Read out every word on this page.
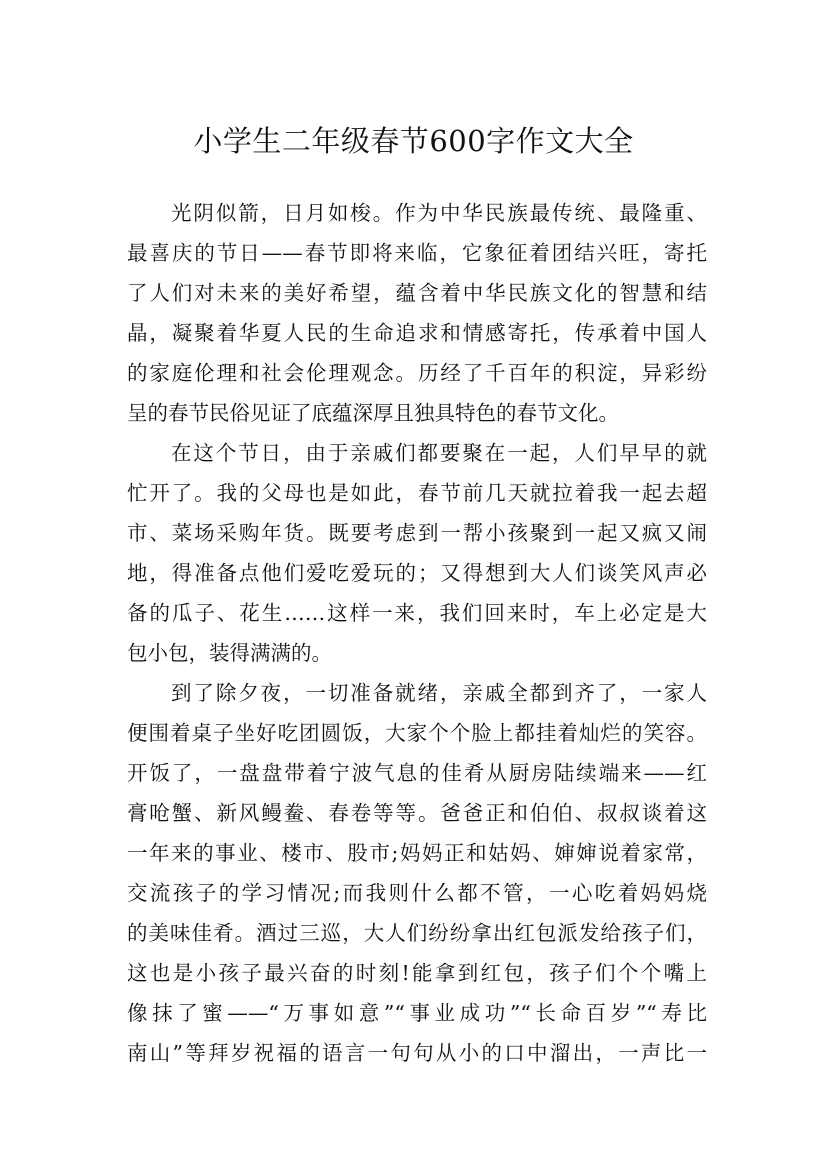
小学生二年级春节600字作文大全
光阴似箭，日月如梭。作为中华民族最传统、最隆重、
最喜庆的节日——春节即将来临，它象征着团结兴旺，寄托
了人们对未来的美好希望，蕴含着中华民族文化的智慧和结
晶，凝聚着华夏人民的生命追求和情感寄托，传承着中国人
的家庭伦理和社会伦理观念。历经了千百年的积淀，异彩纷
呈的春节民俗见证了底蕴深厚且独具特色的春节文化。
在这个节日，由于亲戚们都要聚在一起，人们早早的就
忙开了。我的父母也是如此，春节前几天就拉着我一起去超
市、菜场采购年货。既要考虑到一帮小孩聚到一起又疯又闹
地，得准备点他们爱吃爱玩的；又得想到大人们谈笑风声必
备的瓜子、花生……这样一来，我们回来时，车上必定是大
包小包，装得满满的。
到了除夕夜，一切准备就绪，亲戚全都到齐了，一家人
便围着桌子坐好吃团圆饭，大家个个脸上都挂着灿烂的笑容。
开饭了，一盘盘带着宁波气息的佳肴从厨房陆续端来——红
膏呛蟹、新风鳗鲞、春卷等等。爸爸正和伯伯、叔叔谈着这
一年来的事业、楼市、股市;妈妈正和姑妈、婶婶说着家常，
交流孩子的学习情况;而我则什么都不管，一心吃着妈妈烧
的美味佳肴。酒过三巡，大人们纷纷拿出红包派发给孩子们，
这也是小孩子最兴奋的时刻!能拿到红包，孩子们个个嘴上
像抹了蜜——“万事如意”“事业成功”“长命百岁”“寿比
南山”等拜岁祝福的语言一句句从小的口中溜出，一声比一
